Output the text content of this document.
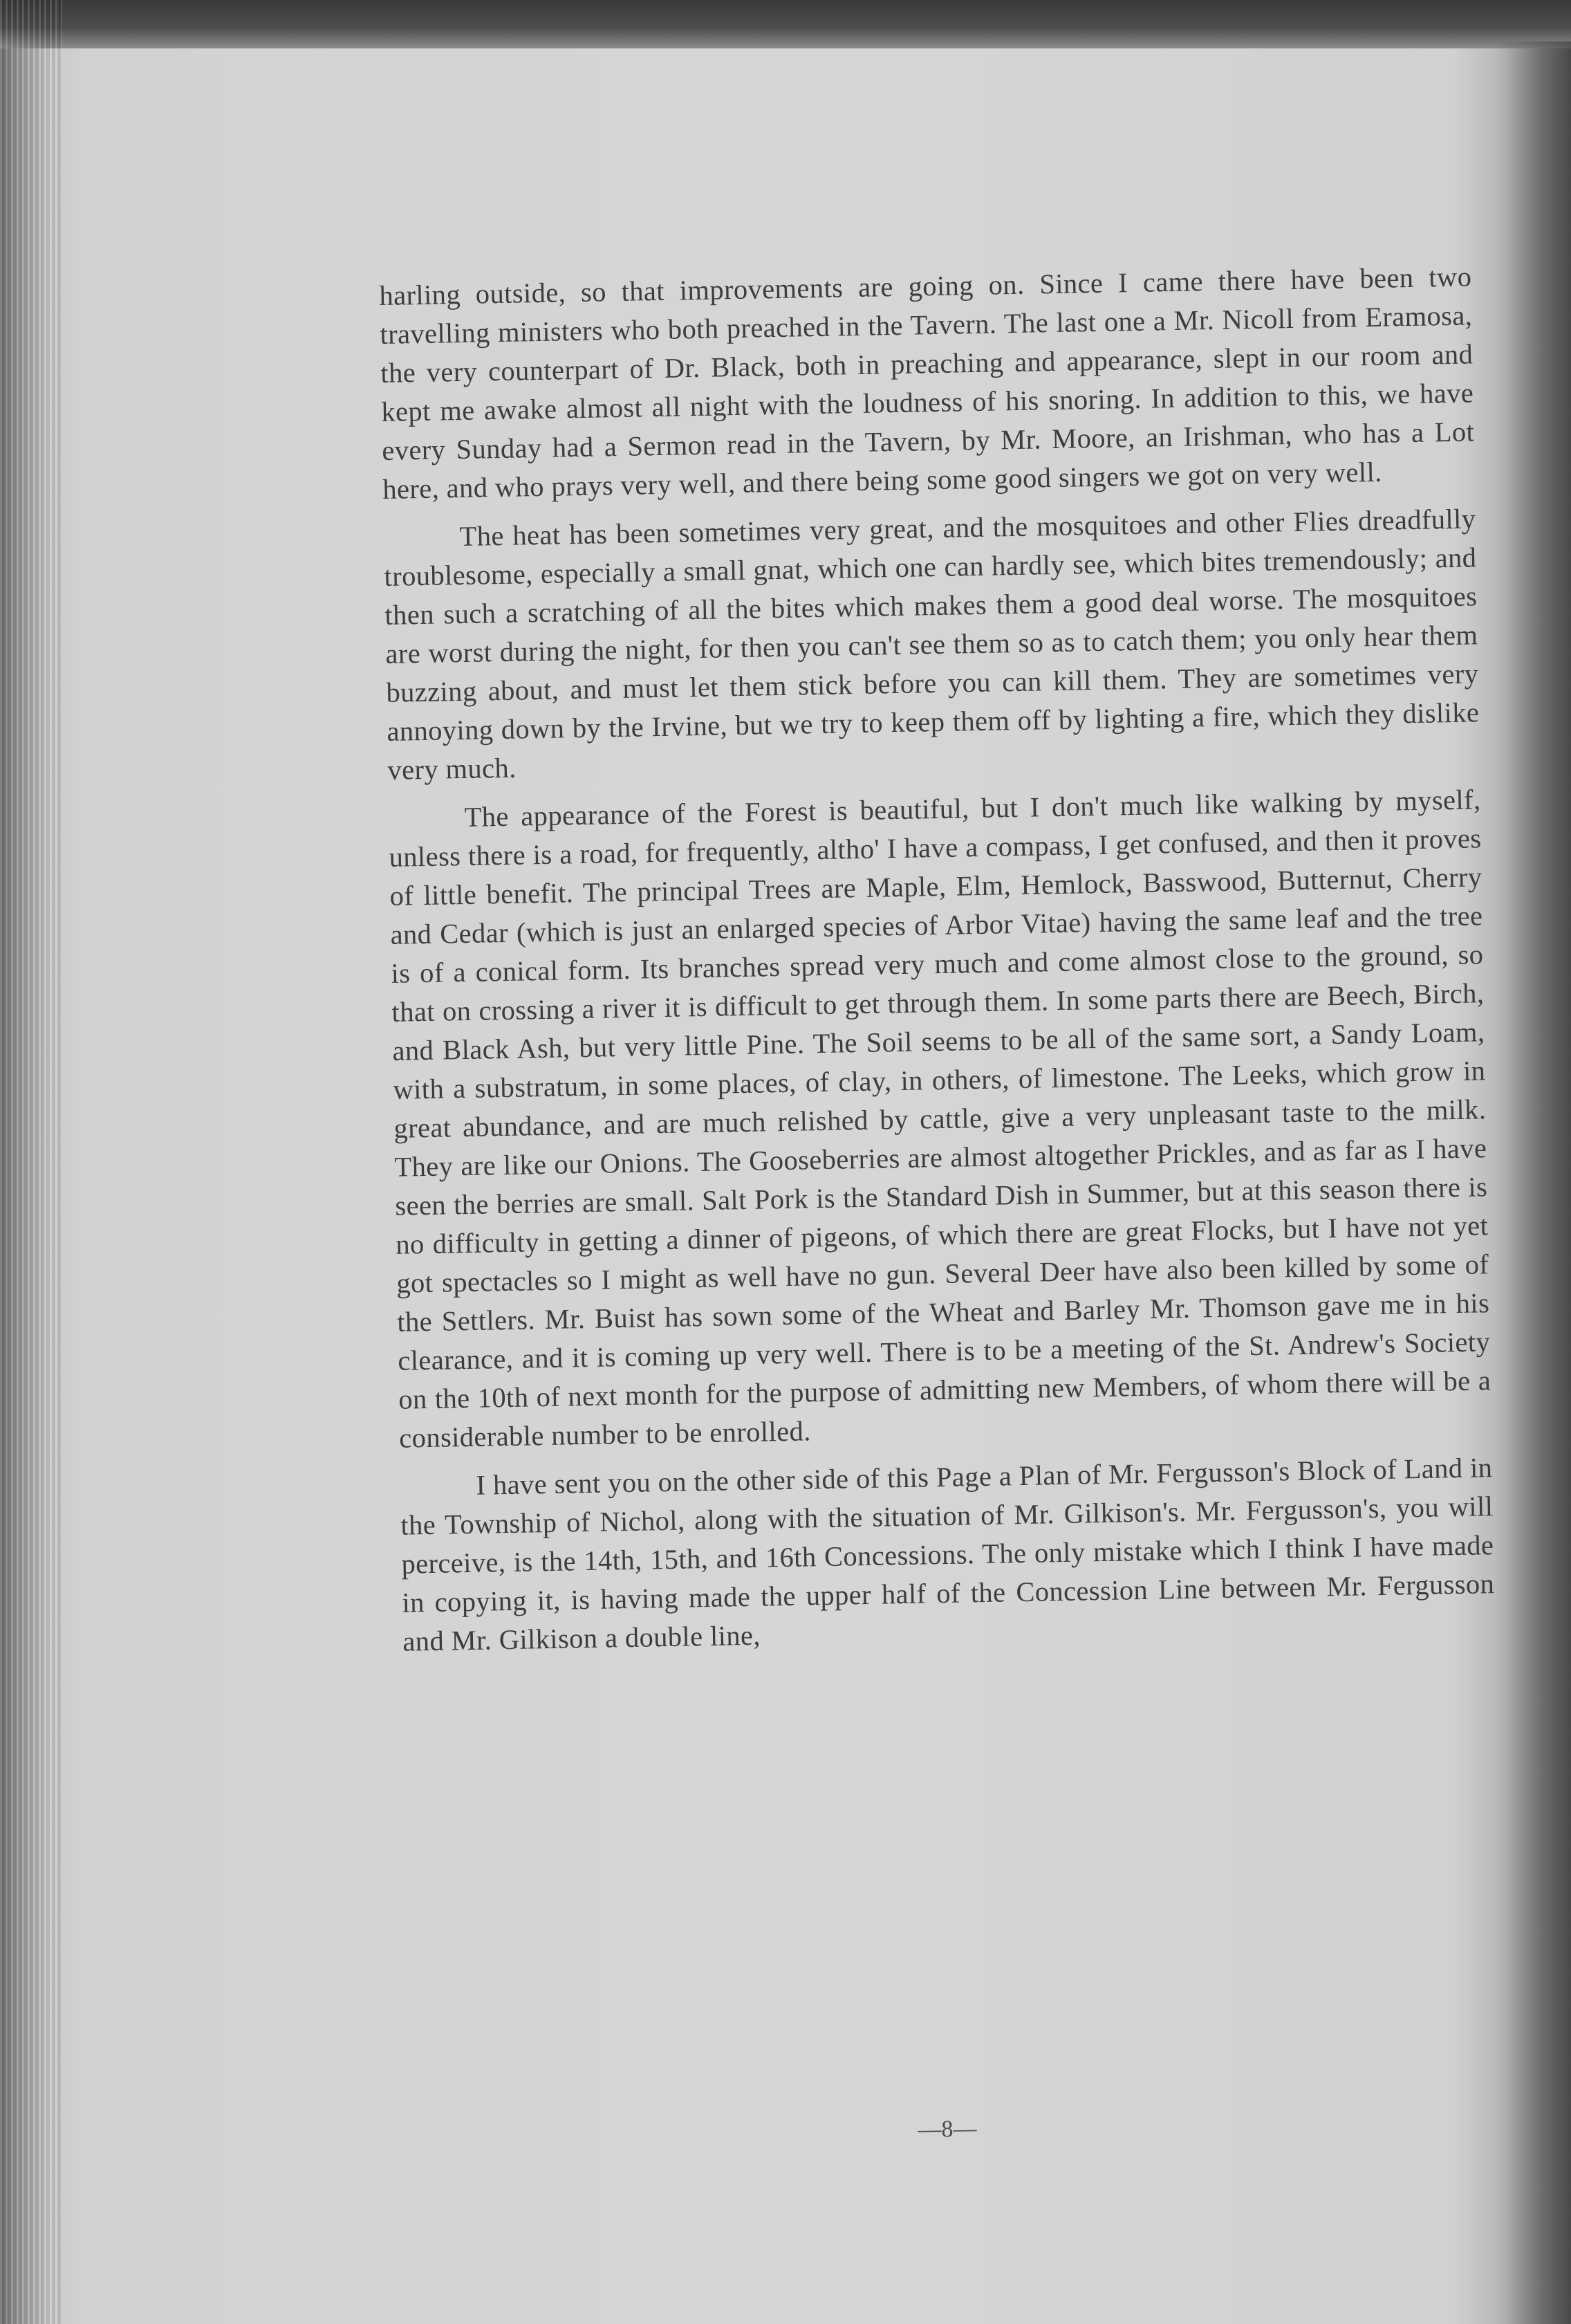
harling outside, so that improvements are going on. Since I came there have been two travelling ministers who both preached in the Tavern. The last one a Mr. Nicoll from Eramosa, the very counterpart of Dr. Black, both in preaching and appearance, slept in our room and kept me awake almost all night with the loudness of his snoring. In addition to this, we have every Sunday had a Sermon read in the Tavern, by Mr. Moore, an Irishman, who has a Lot here, and who prays very well, and there being some good singers we got on very well.

The heat has been sometimes very great, and the mosquitoes and other Flies dreadfully troublesome, especially a small gnat, which one can hardly see, which bites tremendously; and then such a scratching of all the bites which makes them a good deal worse. The mosquitoes are worst during the night, for then you can't see them so as to catch them; you only hear them buzzing about, and must let them stick before you can kill them. They are sometimes very annoying down by the Irvine, but we try to keep them off by lighting a fire, which they dislike very much.

The appearance of the Forest is beautiful, but I don't much like walking by myself, unless there is a road, for frequently, altho' I have a compass, I get confused, and then it proves of little benefit. The principal Trees are Maple, Elm, Hemlock, Basswood, Butternut, Cherry and Cedar (which is just an enlarged species of Arbor Vitae) having the same leaf and the tree is of a conical form. Its branches spread very much and come almost close to the ground, so that on crossing a river it is difficult to get through them. In some parts there are Beech, Birch, and Black Ash, but very little Pine. The Soil seems to be all of the same sort, a Sandy Loam, with a substratum, in some places, of clay, in others, of limestone. The Leeks, which grow in great abundance, and are much relished by cattle, give a very unpleasant taste to the milk. They are like our Onions. The Gooseberries are almost altogether Prickles, and as far as I have seen the berries are small. Salt Pork is the Standard Dish in Summer, but at this season there is no difficulty in getting a dinner of pigeons, of which there are great Flocks, but I have not yet got spectacles so I might as well have no gun. Several Deer have also been killed by some of the Settlers. Mr. Buist has sown some of the Wheat and Barley Mr. Thomson gave me in his clearance, and it is coming up very well. There is to be a meeting of the St. Andrew's Society on the 10th of next month for the purpose of admitting new Members, of whom there will be a considerable number to be enrolled.

I have sent you on the other side of this Page a Plan of Mr. Fergusson's Block of Land in the Township of Nichol, along with the situation of Mr. Gilkison's. Mr. Fergusson's, you will perceive, is the 14th, 15th, and 16th Concessions. The only mistake which I think I have made in copying it, is having made the upper half of the Concession Line between Mr. Fergusson and Mr. Gilkison a double line,

—8—
